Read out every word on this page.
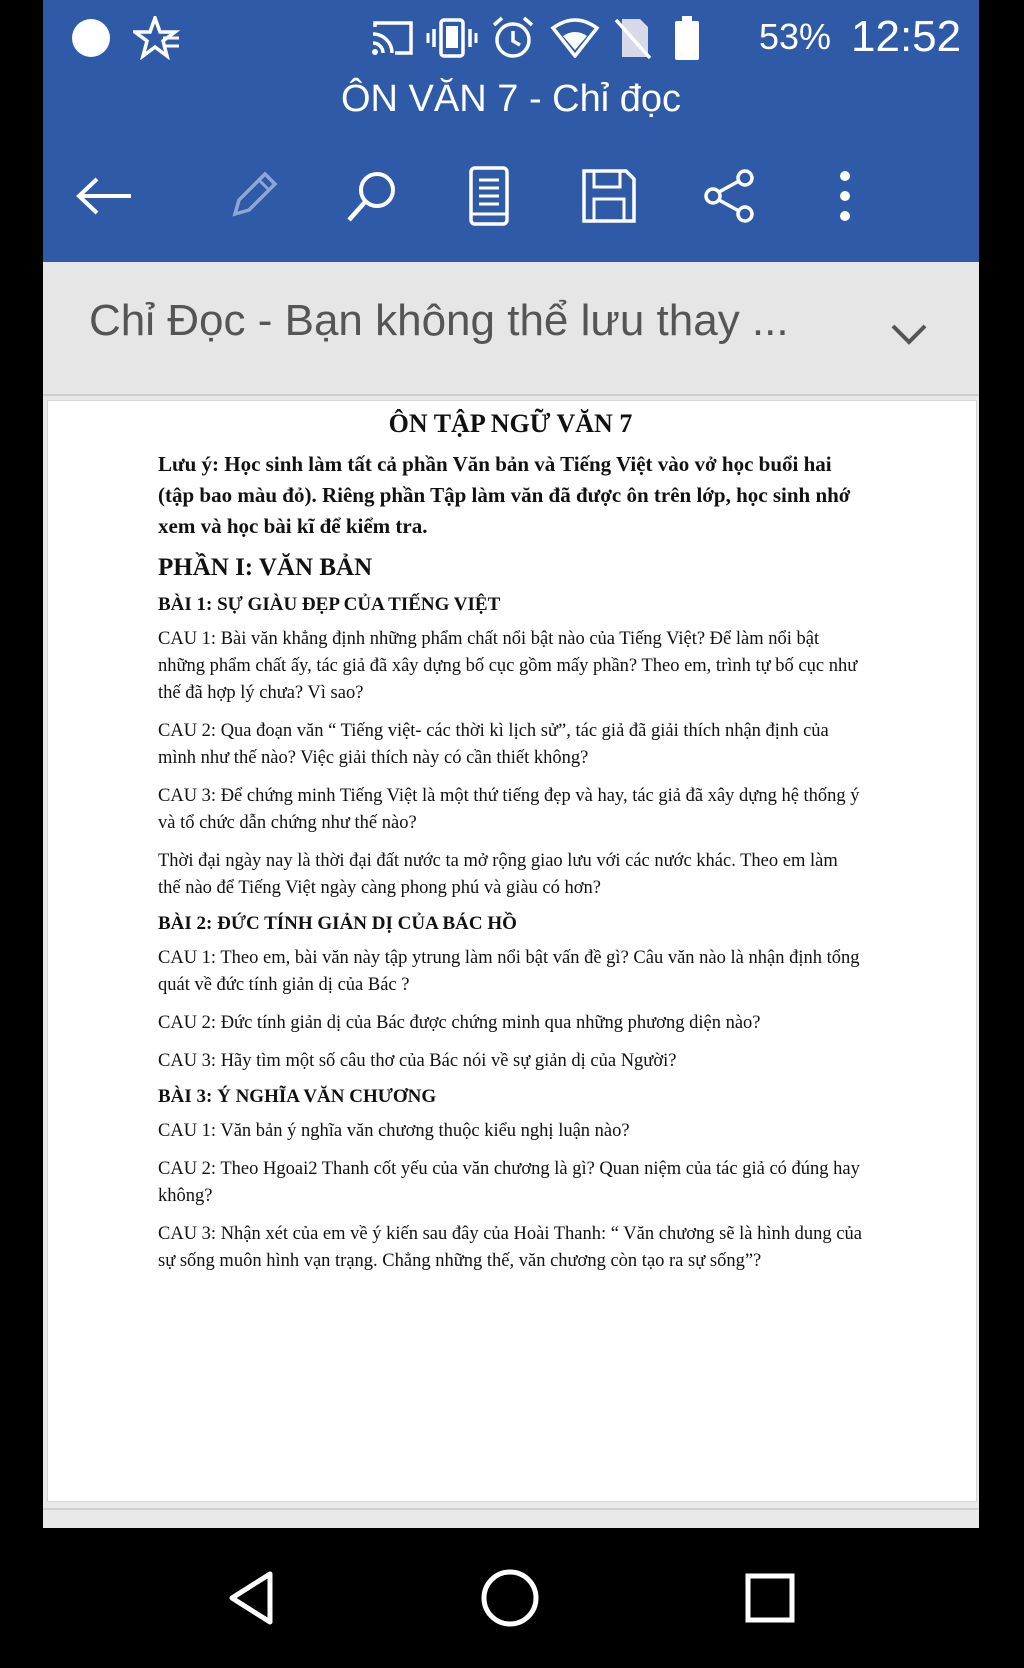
53% 12:52
ÔN VĂN 7 - Chỉ đọc
Chỉ Đọc - Bạn không thể lưu thay ...
ÔN TẬP NGỮ VĂN 7
Lưu ý: Học sinh làm tất cả phần Văn bản và Tiếng Việt vào vở học buổi hai (tập bao màu đỏ). Riêng phần Tập làm văn đã được ôn trên lớp, học sinh nhớ xem và học bài kĩ để kiểm tra.
PHẦN I: VĂN BẢN
BÀI 1: SỰ GIÀU ĐẸP CỦA TIẾNG VIỆT
CAU 1: Bài văn khẳng định những phẩm chất nổi bật nào của Tiếng Việt? Để làm nổi bật những phẩm chất ấy, tác giả đã xây dựng bố cục gồm mấy phần? Theo em, trình tự bố cục như thế đã hợp lý chưa? Vì sao?
CAU 2: Qua đoạn văn “ Tiếng việt- các thời kì lịch sử”, tác giả đã giải thích nhận định của mình như thế nào? Việc giải thích này có cần thiết không?
CAU 3: Để chứng minh Tiếng Việt là một thứ tiếng đẹp và hay, tác giả đã xây dựng hệ thống ý và tổ chức dẫn chứng như thế nào?
Thời đại ngày nay là thời đại đất nước ta mở rộng giao lưu với các nước khác. Theo em làm thế nào để Tiếng Việt ngày càng phong phú và giàu có hơn?
BÀI 2: ĐỨC TÍNH GIẢN DỊ CỦA BÁC HỒ
CAU 1: Theo em, bài văn này tập ytrung làm nổi bật vấn đề gì? Câu văn nào là nhận định tổng quát về đức tính giản dị của Bác ?
CAU 2: Đức tính giản dị của Bác được chứng minh qua những phương diện nào?
CAU 3: Hãy tìm một số câu thơ của Bác nói về sự giản dị của Người?
BÀI 3: Ý NGHĨA VĂN CHƯƠNG
CAU 1: Văn bản ý nghĩa văn chương thuộc kiểu nghị luận nào?
CAU 2: Theo Hgoai2 Thanh cốt yếu của văn chương là gì? Quan niệm của tác giả có đúng hay không?
CAU 3: Nhận xét của em về ý kiến sau đây của Hoài Thanh: “ Văn chương sẽ là hình dung của sự sống muôn hình vạn trạng. Chẳng những thế, văn chương còn tạo ra sự sống”?
